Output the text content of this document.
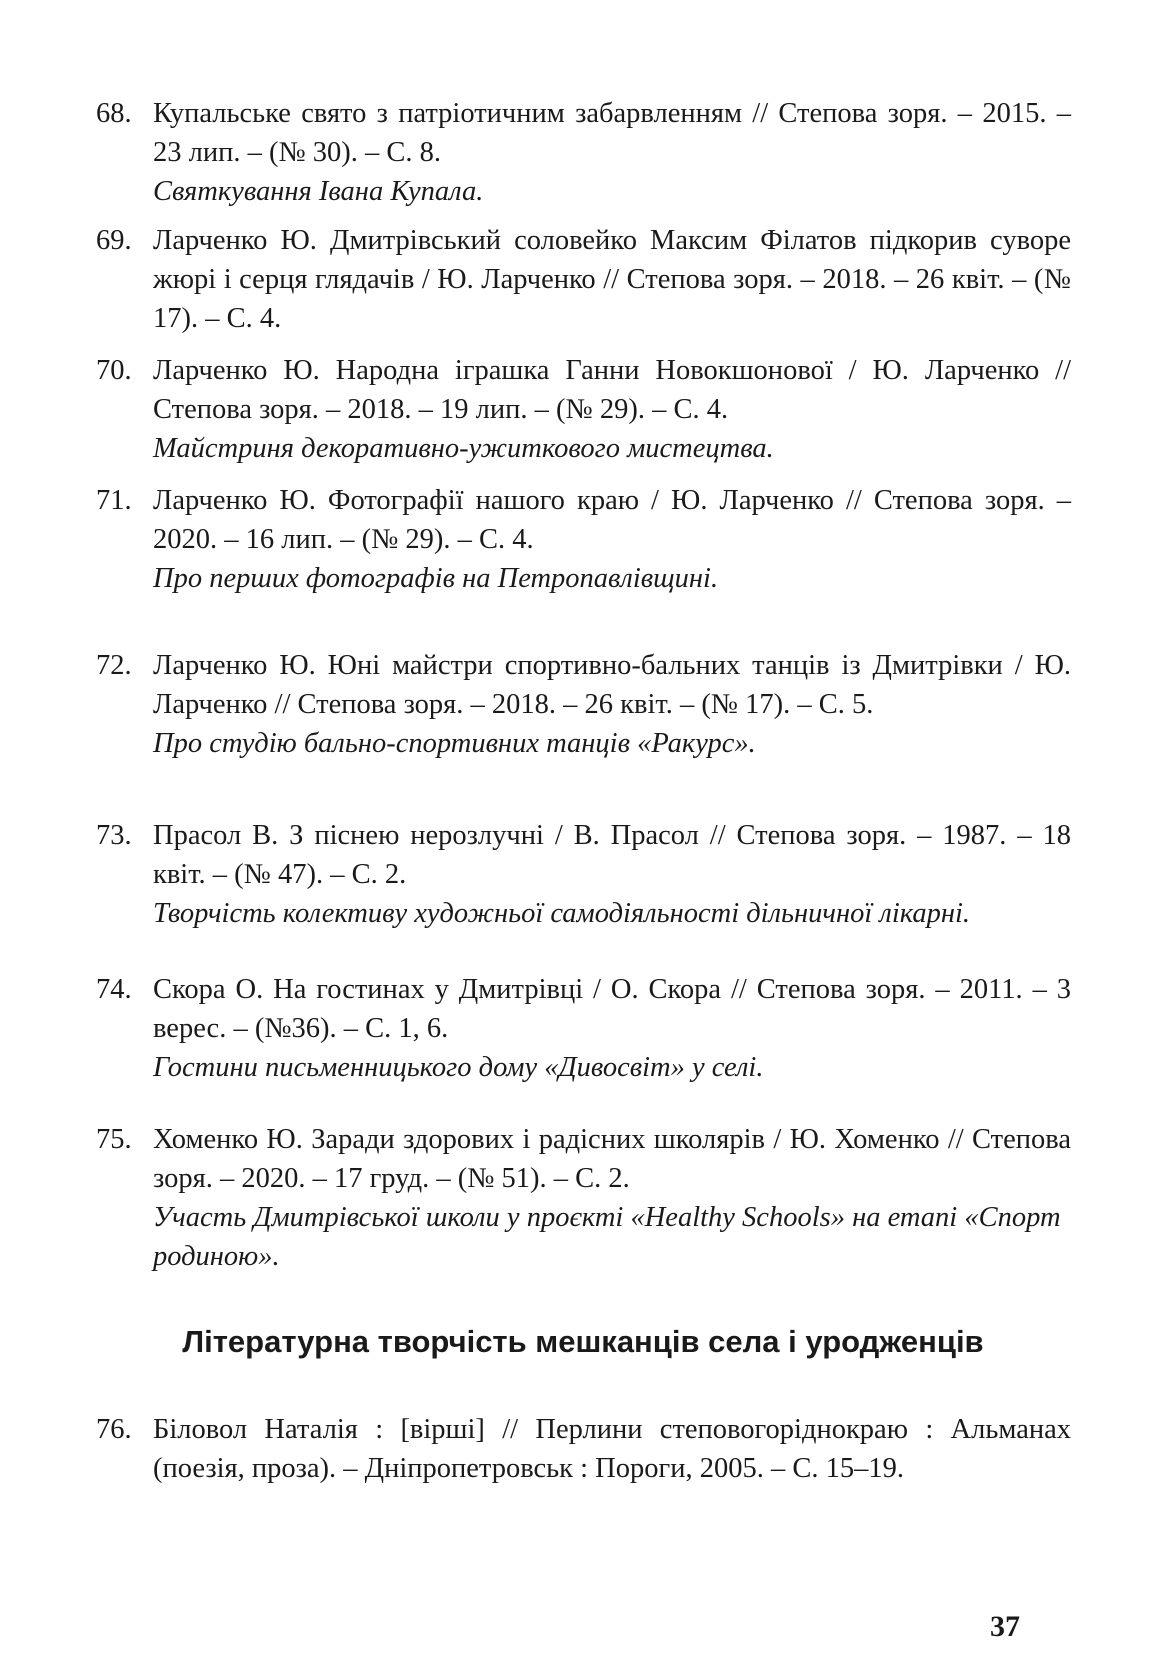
68. Купальське свято з патріотичним забарвленням // Степова зоря. – 2015. – 23 лип. – (№ 30). – С. 8.
Святкування Івана Купала.
69. Ларченко Ю. Дмитрівський соловейко Максим Філатов підкорив суворе жюрі і серця глядачів / Ю. Ларченко // Степова зоря. – 2018. – 26 квіт. – (№ 17). – С. 4.
70. Ларченко Ю. Народна іграшка Ганни Новокшонової / Ю. Ларченко // Степова зоря. – 2018. – 19 лип. – (№ 29). – С. 4.
Майстриня декоративно-ужиткового мистецтва.
71. Ларченко Ю. Фотографії нашого краю / Ю. Ларченко // Степова зоря. – 2020. – 16 лип. – (№ 29). – С. 4.
Про перших фотографів на Петропавлівщині.
72. Ларченко Ю. Юні майстри спортивно-бальних танців із Дмитрівки / Ю. Ларченко // Степова зоря. – 2018. – 26 квіт. – (№ 17). – С. 5.
Про студію бально-спортивних танців «Ракурс».
73. Прасол В. З піснею нерозлучні / В. Прасол // Степова зоря. – 1987. – 18 квіт. – (№ 47). – С. 2.
Творчість колективу художньої самодіяльності дільничної лікарні.
74. Скора О. На гостинах у Дмитрівці / О. Скора // Степова зоря. – 2011. – 3 верес. – (№36). – С. 1, 6.
Гостини письменницького дому «Дивосвіт» у селі.
75. Хоменко Ю. Заради здорових і радісних школярів / Ю. Хоменко // Степова зоря. – 2020. – 17 груд. – (№ 51). – С. 2.
Участь Дмитрівської школи у проєкті «Healthy Schools» на етапі «Спорт родиною».
Літературна творчість мешканців села і уродженців
76. Біловол Наталія : [вірші] // Перлини степовогоріднокраю : Альманах (поезія, проза). – Дніпропетровськ : Пороги, 2005. – С. 15–19.
37
